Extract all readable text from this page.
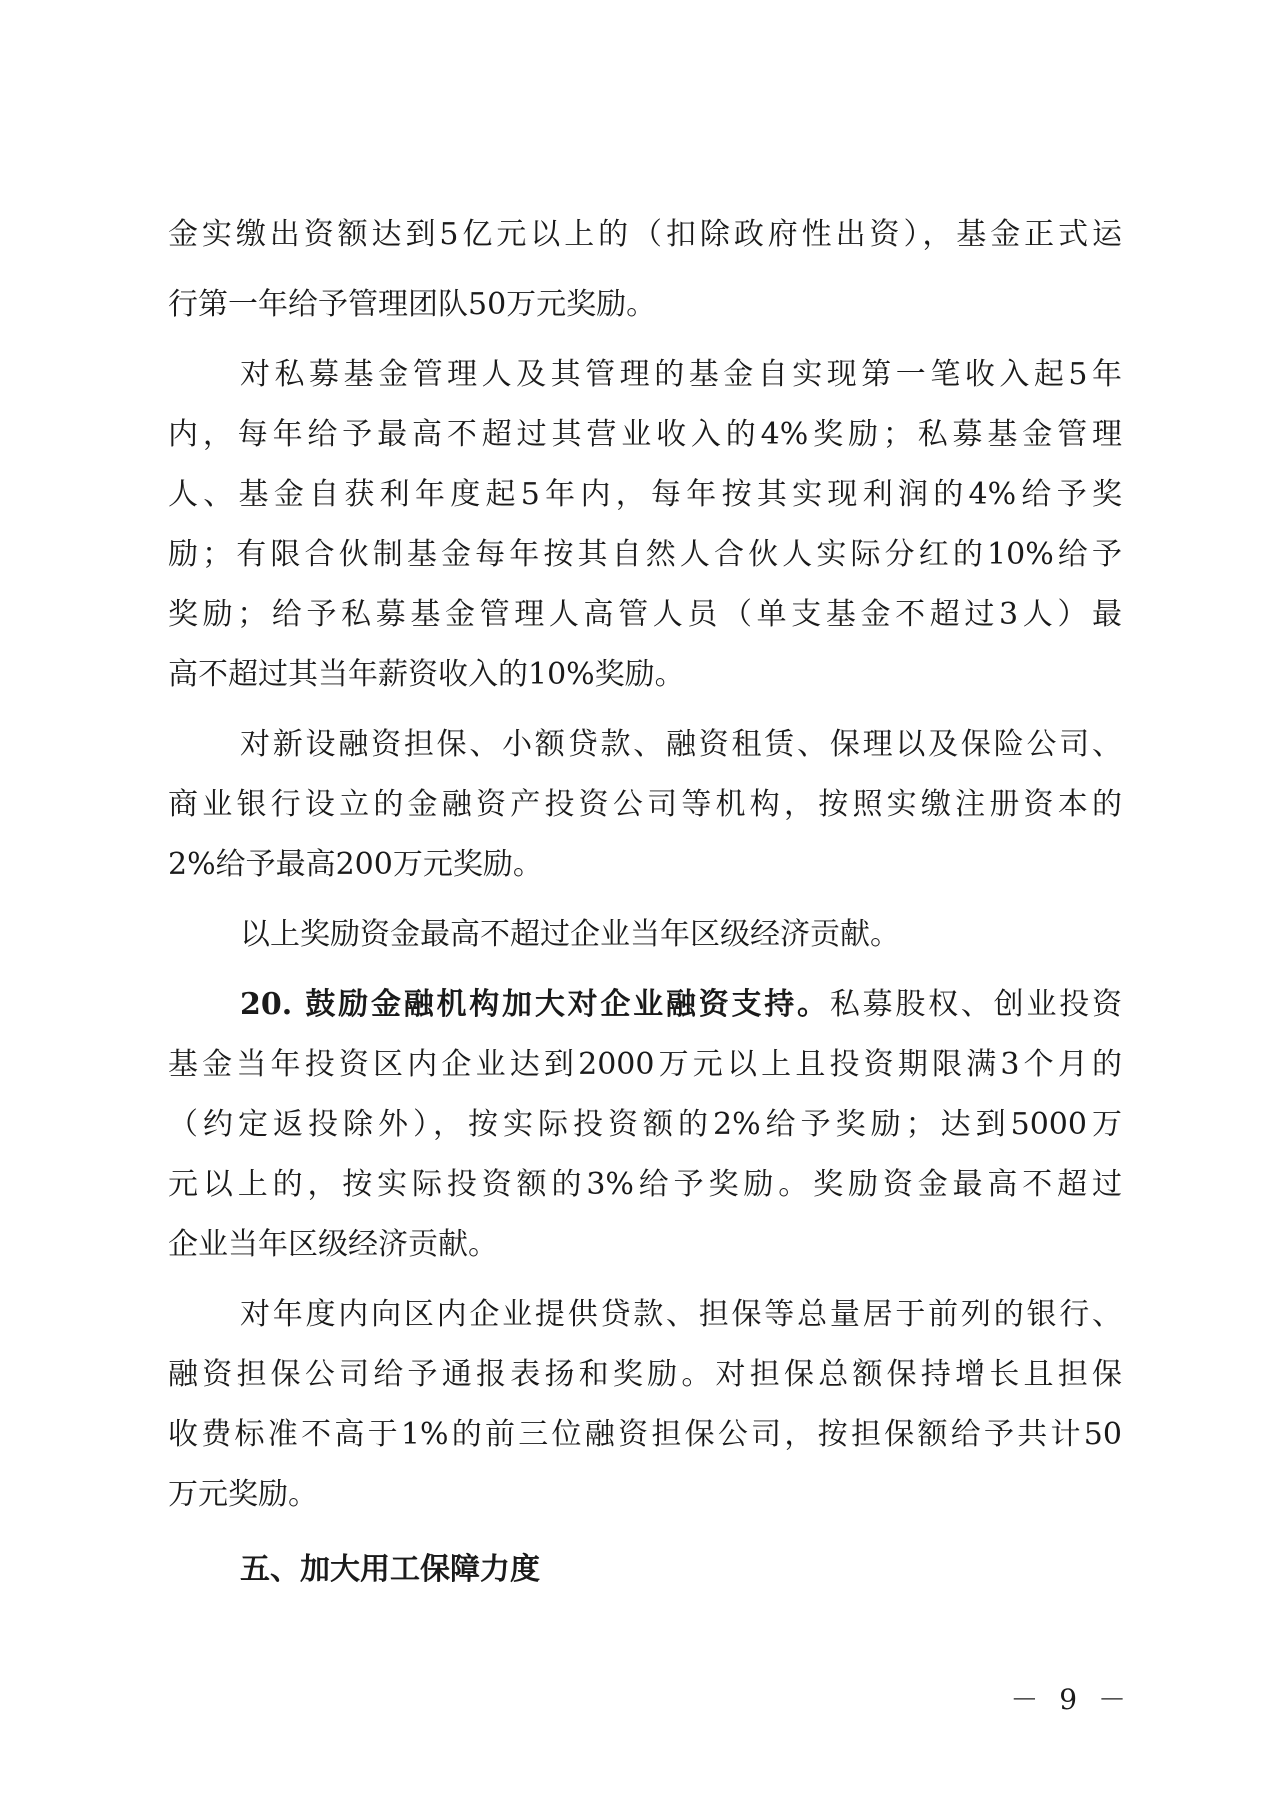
金实缴出资额达到5亿元以上的（扣除政府性出资），基金正式运
行第一年给予管理团队50万元奖励。
对私募基金管理人及其管理的基金自实现第一笔收入起5年
内，每年给予最高不超过其营业收入的4%奖励；私募基金管理
人、基金自获利年度起5年内，每年按其实现利润的4%给予奖
励；有限合伙制基金每年按其自然人合伙人实际分红的10%给予
奖励；给予私募基金管理人高管人员（单支基金不超过3人）最
高不超过其当年薪资收入的10%奖励。
对新设融资担保、小额贷款、融资租赁、保理以及保险公司、
商业银行设立的金融资产投资公司等机构，按照实缴注册资本的
2%给予最高200万元奖励。
以上奖励资金最高不超过企业当年区级经济贡献。
20. 鼓励金融机构加大对企业融资支持。私募股权、创业投资
基金当年投资区内企业达到2000万元以上且投资期限满3个月的
（约定返投除外），按实际投资额的2%给予奖励；达到5000万
元以上的，按实际投资额的3%给予奖励。奖励资金最高不超过
企业当年区级经济贡献。
对年度内向区内企业提供贷款、担保等总量居于前列的银行、
融资担保公司给予通报表扬和奖励。对担保总额保持增长且担保
收费标准不高于1%的前三位融资担保公司，按担保额给予共计50
万元奖励。
五、加大用工保障力度
－ 9 －
